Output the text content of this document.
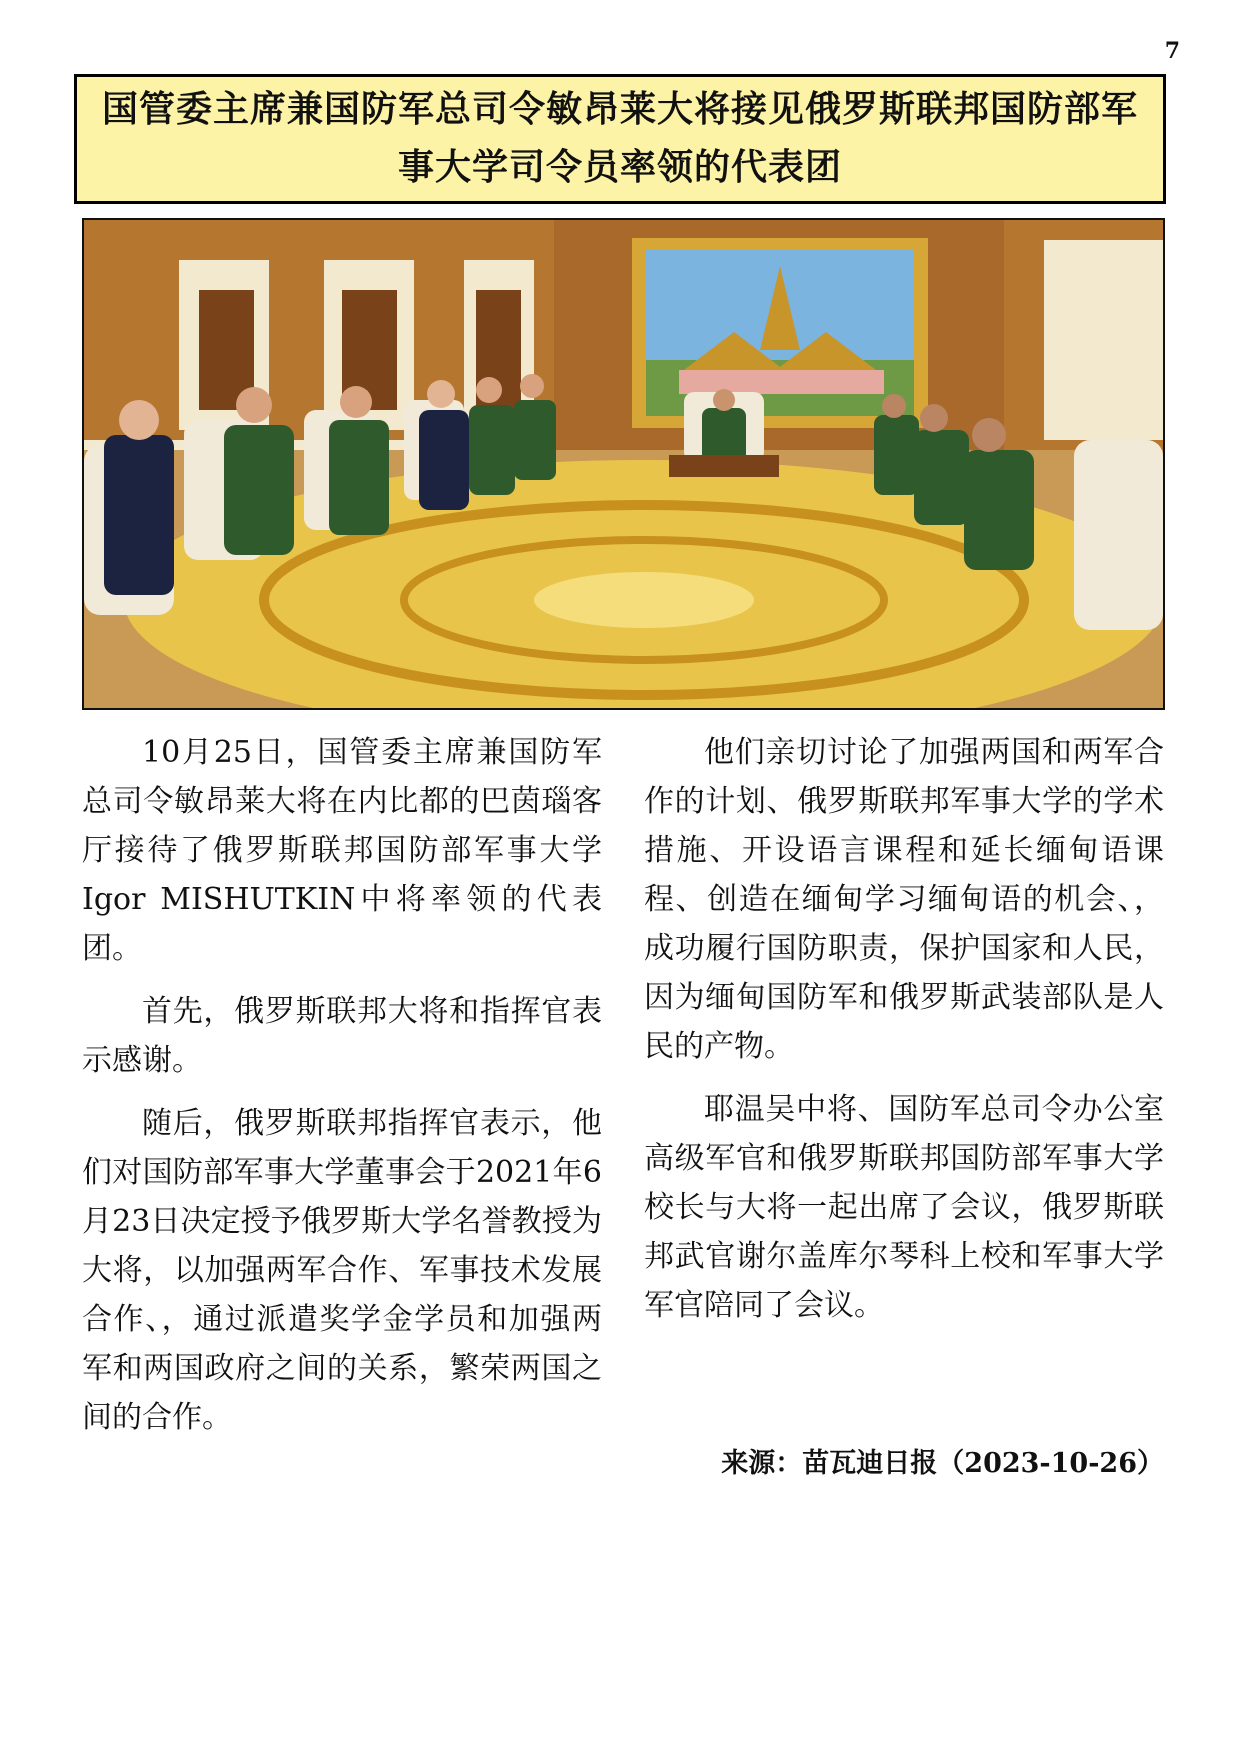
7
国管委主席兼国防军总司令敏昂莱大将接见俄罗斯联邦国防部军事大学司令员率领的代表团

10月25日，国管委主席兼国防军总司令敏昂莱大将在内比都的巴茵瑙客厅接待了俄罗斯联邦国防部军事大学Igor MISHUTKIN中将率领的代表团。

首先，俄罗斯联邦大将和指挥官表示感谢。

随后，俄罗斯联邦指挥官表示，他们对国防部军事大学董事会于2021年6月23日决定授予俄罗斯大学名誉教授为大将，以加强两军合作、军事技术发展合作、，通过派遣奖学金学员和加强两军和两国政府之间的关系，繁荣两国之间的合作。

他们亲切讨论了加强两国和两军合作的计划、俄罗斯联邦军事大学的学术措施、开设语言课程和延长缅甸语课程、创造在缅甸学习缅甸语的机会、，成功履行国防职责，保护国家和人民，因为缅甸国防军和俄罗斯武装部队是人民的产物。

耶温吴中将、国防军总司令办公室高级军官和俄罗斯联邦国防部军事大学校长与大将一起出席了会议，俄罗斯联邦武官谢尔盖库尔琴科上校和军事大学军官陪同了会议。

来源：苗瓦迪日报（2023-10-26）
